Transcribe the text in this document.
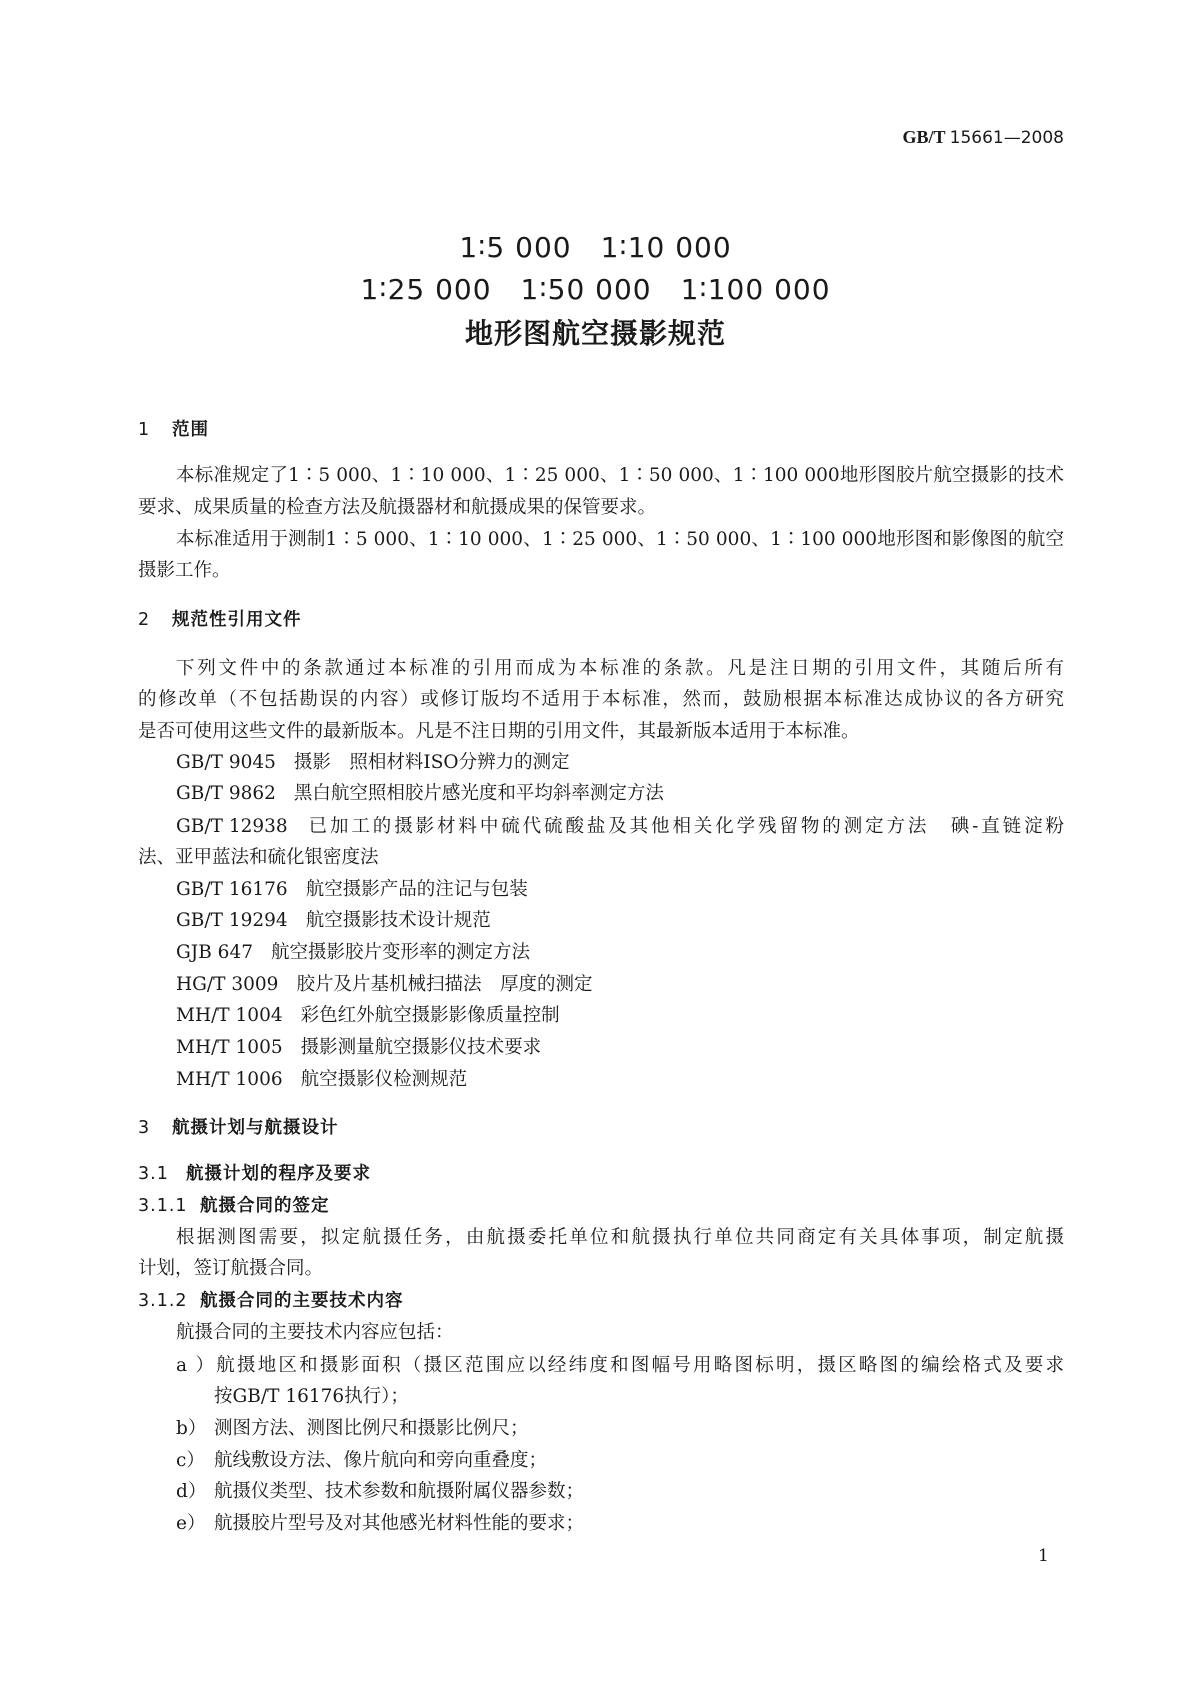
GB/T 15661—2008
1∶5 000　1∶10 000
1∶25 000　1∶50 000　1∶100 000
地形图航空摄影规范
1 范围
本标准规定了1∶5 000、1∶10 000、1∶25 000、1∶50 000、1∶100 000地形图胶片航空摄影的技术
要求、成果质量的检查方法及航摄器材和航摄成果的保管要求。
本标准适用于测制1∶5 000、1∶10 000、1∶25 000、1∶50 000、1∶100 000地形图和影像图的航空
摄影工作。
2 规范性引用文件
下列文件中的条款通过本标准的引用而成为本标准的条款。凡是注日期的引用文件，其随后所有
的修改单（不包括勘误的内容）或修订版均不适用于本标准，然而，鼓励根据本标准达成协议的各方研究
是否可使用这些文件的最新版本。凡是不注日期的引用文件，其最新版本适用于本标准。
GB/T 9045 摄影　照相材料ISO分辨力的测定
GB/T 9862 黑白航空照相胶片感光度和平均斜率测定方法
GB/T 12938 已加工的摄影材料中硫代硫酸盐及其他相关化学残留物的测定方法　碘-直链淀粉
法、亚甲蓝法和硫化银密度法
GB/T 16176 航空摄影产品的注记与包装
GB/T 19294 航空摄影技术设计规范
GJB 647 航空摄影胶片变形率的测定方法
HG/T 3009 胶片及片基机械扫描法　厚度的测定
MH/T 1004 彩色红外航空摄影影像质量控制
MH/T 1005 摄影测量航空摄影仪技术要求
MH/T 1006 航空摄影仪检测规范
3 航摄计划与航摄设计
3.1 航摄计划的程序及要求
3.1.1 航摄合同的签定
根据测图需要，拟定航摄任务，由航摄委托单位和航摄执行单位共同商定有关具体事项，制定航摄
计划，签订航摄合同。
3.1.2 航摄合同的主要技术内容
航摄合同的主要技术内容应包括：
a）航摄地区和摄影面积（摄区范围应以经纬度和图幅号用略图标明，摄区略图的编绘格式及要求
按GB/T 16176执行）；
b） 测图方法、测图比例尺和摄影比例尺；
c） 航线敷设方法、像片航向和旁向重叠度；
d） 航摄仪类型、技术参数和航摄附属仪器参数；
e） 航摄胶片型号及对其他感光材料性能的要求；
1
